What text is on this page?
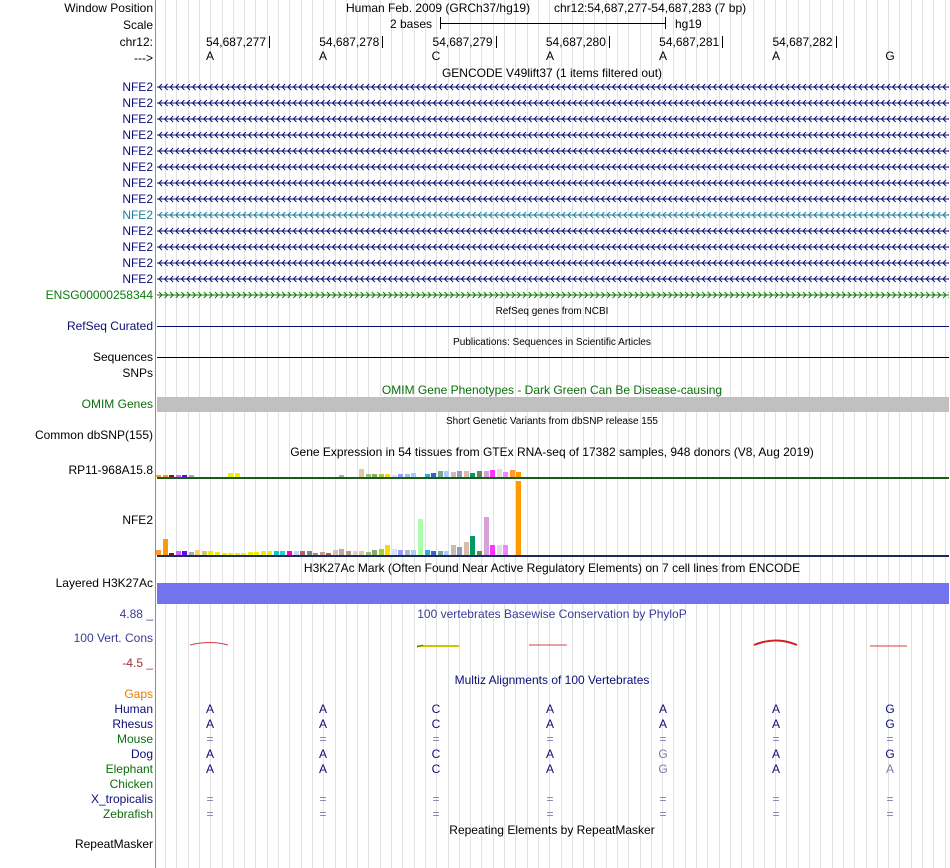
Window Position	Human Feb. 2009 (GRCh37/hg19) chr12:54,687,277-54,687,283 (7 bp)
Scale	2 bases	hg19
chr12:	54,687,277	54,687,278	54,687,279	54,687,280	54,687,281	54,687,282
--->	A	A	C	A	A	A	G
GENCODE V49lift37 (1 items filtered out)
NFE2
NFE2
NFE2
NFE2
NFE2
NFE2
NFE2
NFE2
NFE2
NFE2
NFE2
NFE2
NFE2
ENSG00000258344
RefSeq genes from NCBI
RefSeq Curated
Publications: Sequences in Scientific Articles
Sequences
SNPs
OMIM Gene Phenotypes - Dark Green Can Be Disease-causing
OMIM Genes
Short Genetic Variants from dbSNP release 155
Common dbSNP(155)
Gene Expression in 54 tissues from GTEx RNA-seq of 17382 samples, 948 donors (V8, Aug 2019)
RP11-968A15.8
NFE2
H3K27Ac Mark (Often Found Near Active Regulatory Elements) on 7 cell lines from ENCODE
Layered H3K27Ac
100 vertebrates Basewise Conservation by PhyloP
4.88 _
100 Vert. Cons
-4.5 _
Multiz Alignments of 100 Vertebrates
Gaps
Human	A	A	C	A	A	A	G
Rhesus	A	A	C	A	A	A	G
Mouse	=	=	=	=	=	=	=
Dog	A	A	C	A	G	A	G
Elephant	A	A	C	A	G	A	A
Chicken
X_tropicalis	=	=	=	=	=	=	=
Zebrafish	=	=	=	=	=	=	=
Repeating Elements by RepeatMasker
RepeatMasker
